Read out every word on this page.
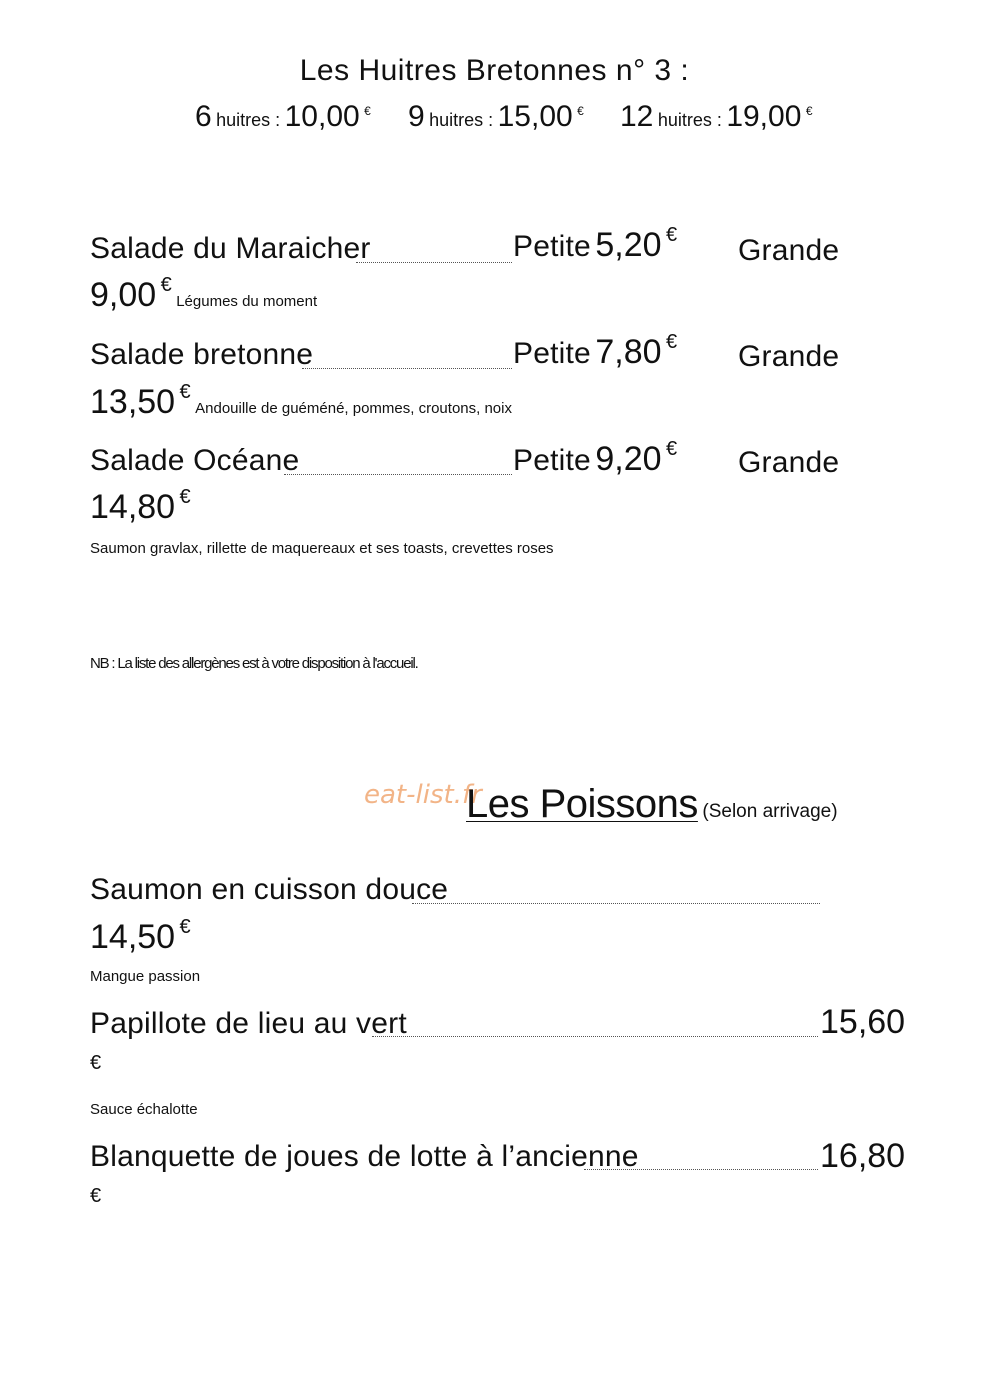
Les Huitres Bretonnes n° 3 :
6 huitres : 10,00 € 9 huitres : 15,00 € 12 huitres : 19,00 €
Salade du Maraicher	Petite 5,20 € Grande
9,00 € Légumes du moment
Salade bretonne	Petite 7,80 € Grande
13,50 € Andouille de guéméné, pommes, croutons, noix
Salade Océane	Petite 9,20 € Grande
14,80 €
Saumon gravlax, rillette de maquereaux et ses toasts, crevettes roses
NB : La liste des allergènes est à votre disposition à l'accueil.
eat-list.fr
Les Poissons (Selon arrivage)
Saumon en cuisson douce
14,50 €
Mangue passion
Papillote de lieu au vert	15,60
€
Sauce échalotte
Blanquette de joues de lotte à l’ancienne	16,80
€
